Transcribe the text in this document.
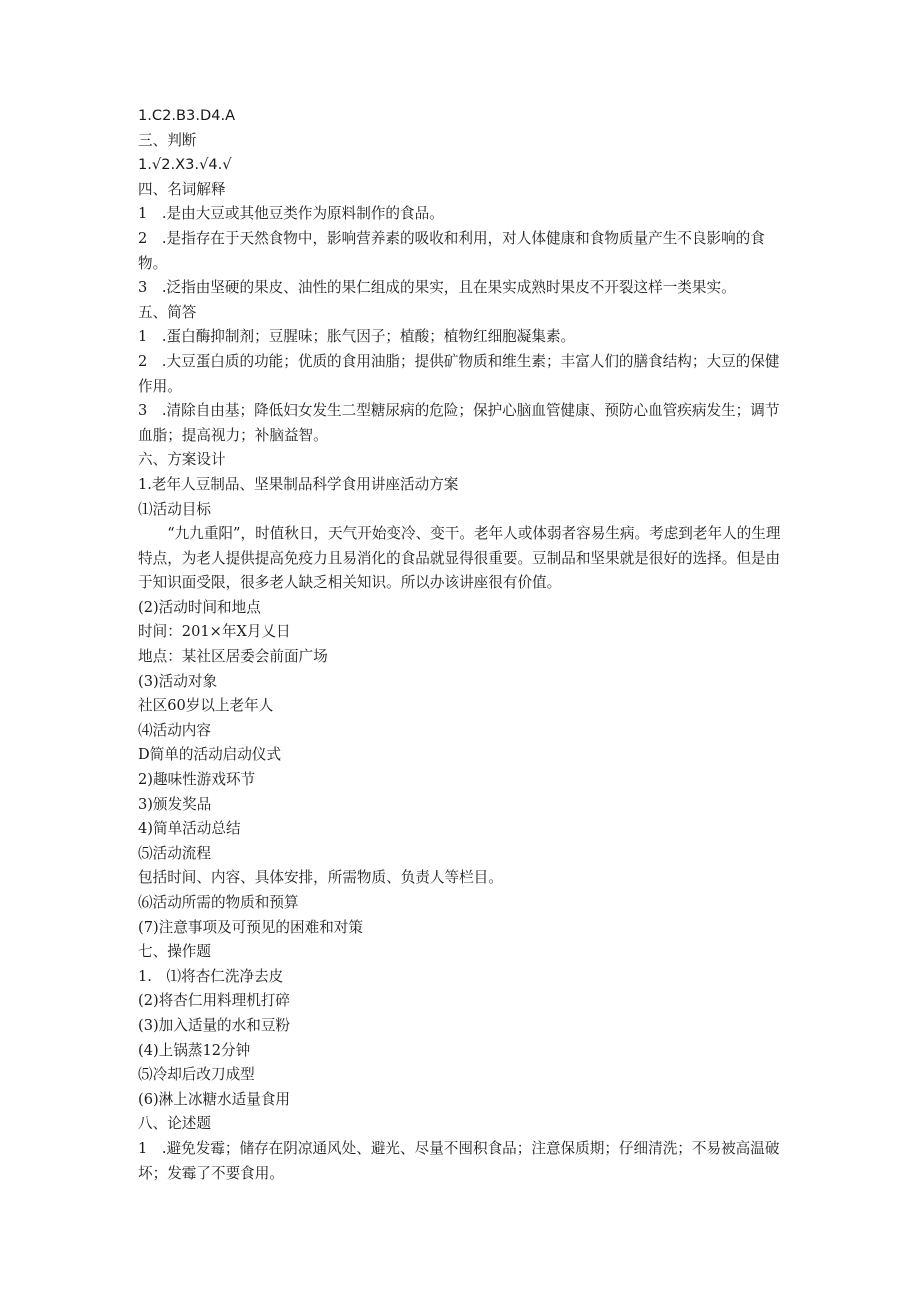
1.C2.B3.D4.A

三、判断

1.√2.X3.√4.√

四、名词解释

1　.是由大豆或其他豆类作为原料制作的食品。

2　.是指存在于天然食物中，影响营养素的吸收和利用，对人体健康和食物质量产生不良影响的食物。

3　.泛指由坚硬的果皮、油性的果仁组成的果实，且在果实成熟时果皮不开裂这样一类果实。

五、简答

1　.蛋白酶抑制剂；豆腥味；胀气因子；植酸；植物红细胞凝集素。

2　.大豆蛋白质的功能；优质的食用油脂；提供矿物质和维生素；丰富人们的膳食结构；大豆的保健作用。

3　.清除自由基；降低妇女发生二型糖尿病的危险；保护心脑血管健康、预防心血管疾病发生；调节血脂；提高视力；补脑益智。

六、方案设计

1.老年人豆制品、坚果制品科学食用讲座活动方案

⑴活动目标

“九九重阳”，时值秋日，天气开始变冷、变干。老年人或体弱者容易生病。考虑到老年人的生理特点，为老人提供提高免疫力且易消化的食品就显得很重要。豆制品和坚果就是很好的选择。但是由于知识面受限，很多老人缺乏相关知识。所以办该讲座很有价值。

(2)活动时间和地点

时间：201×年X月乂日

地点：某社区居委会前面广场

(3)活动对象

社区60岁以上老年人

⑷活动内容

D简单的活动启动仪式

2)趣味性游戏环节

3)颁发奖品

4)简单活动总结

⑸活动流程

包括时间、内容、具体安排，所需物质、负责人等栏目。

⑹活动所需的物质和预算

(7)注意事项及可预见的困难和对策

七、操作题

1.　⑴将杏仁洗净去皮

(2)将杏仁用料理机打碎

(3)加入适量的水和豆粉

(4)上锅蒸12分钟

⑸冷却后改刀成型

(6)淋上冰糖水适量食用

八、论述题

1　.避免发霉；储存在阴凉通风处、避光、尽量不囤积食品；注意保质期；仔细清洗；不易被高温破坏；发霉了不要食用。
